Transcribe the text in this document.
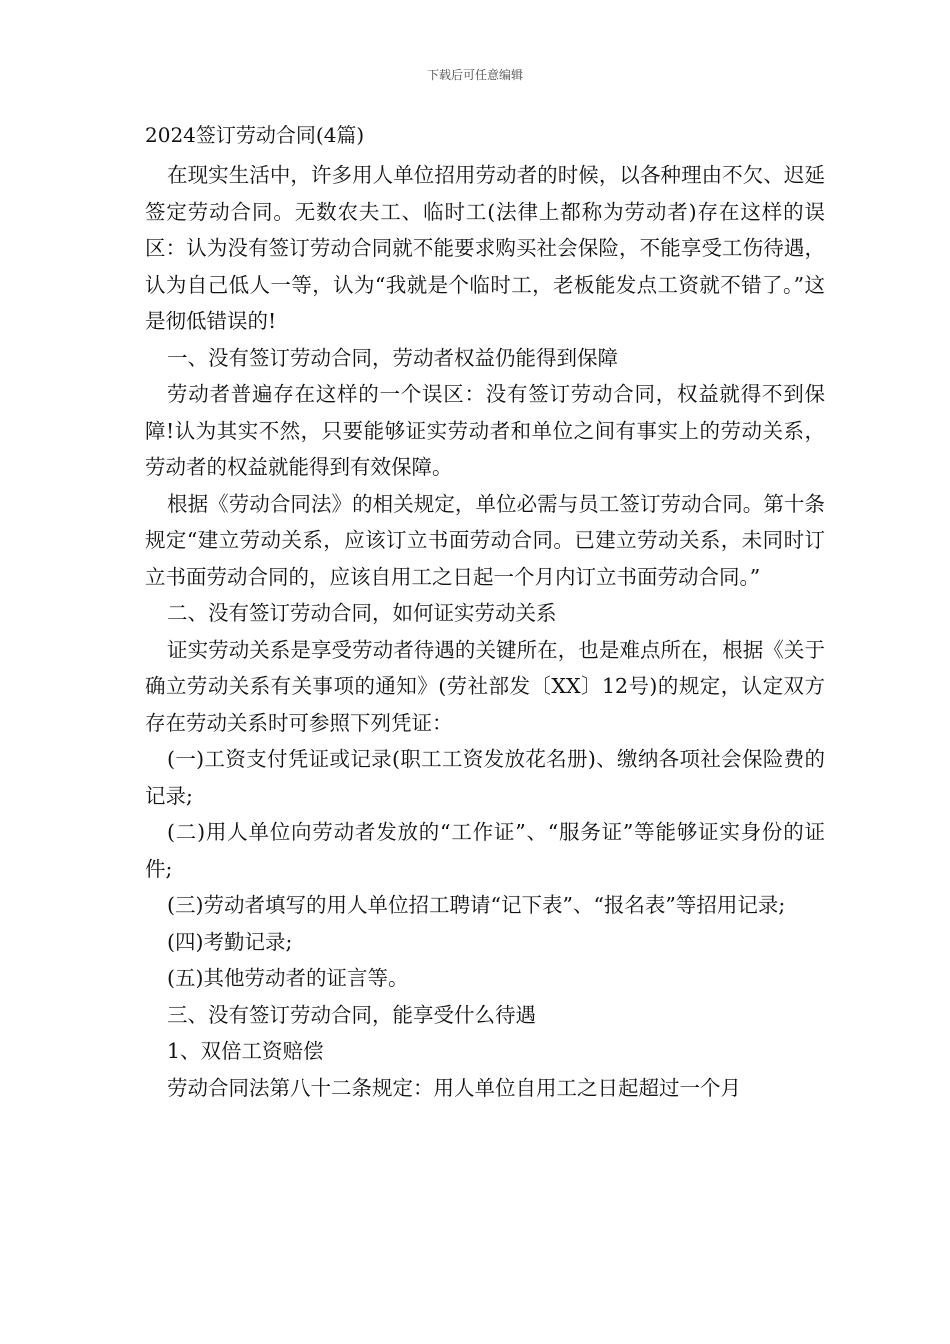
下载后可任意编辑
2024签订劳动合同(4篇)

在现实生活中，许多用人单位招用劳动者的时候，以各种理由不欠、迟延签定劳动合同。无数农夫工、临时工(法律上都称为劳动者)存在这样的误区：认为没有签订劳动合同就不能要求购买社会保险，不能享受工伤待遇，认为自己低人一等，认为“我就是个临时工，老板能发点工资就不错了。”这是彻低错误的!

一、没有签订劳动合同，劳动者权益仍能得到保障

劳动者普遍存在这样的一个误区：没有签订劳动合同，权益就得不到保障!认为其实不然，只要能够证实劳动者和单位之间有事实上的劳动关系，劳动者的权益就能得到有效保障。

根据《劳动合同法》的相关规定，单位必需与员工签订劳动合同。第十条规定“建立劳动关系，应该订立书面劳动合同。已建立劳动关系，未同时订立书面劳动合同的，应该自用工之日起一个月内订立书面劳动合同。”

二、没有签订劳动合同，如何证实劳动关系

证实劳动关系是享受劳动者待遇的关键所在，也是难点所在，根据《关于确立劳动关系有关事项的通知》(劳社部发〔XX〕12号)的规定，认定双方存在劳动关系时可参照下列凭证：

(一)工资支付凭证或记录(职工工资发放花名册)、缴纳各项社会保险费的记录;

(二)用人单位向劳动者发放的“工作证”、“服务证”等能够证实身份的证件;

(三)劳动者填写的用人单位招工聘请“记下表”、“报名表”等招用记录;

(四)考勤记录;

(五)其他劳动者的证言等。

三、没有签订劳动合同，能享受什么待遇

1、双倍工资赔偿

劳动合同法第八十二条规定：用人单位自用工之日起超过一个月
